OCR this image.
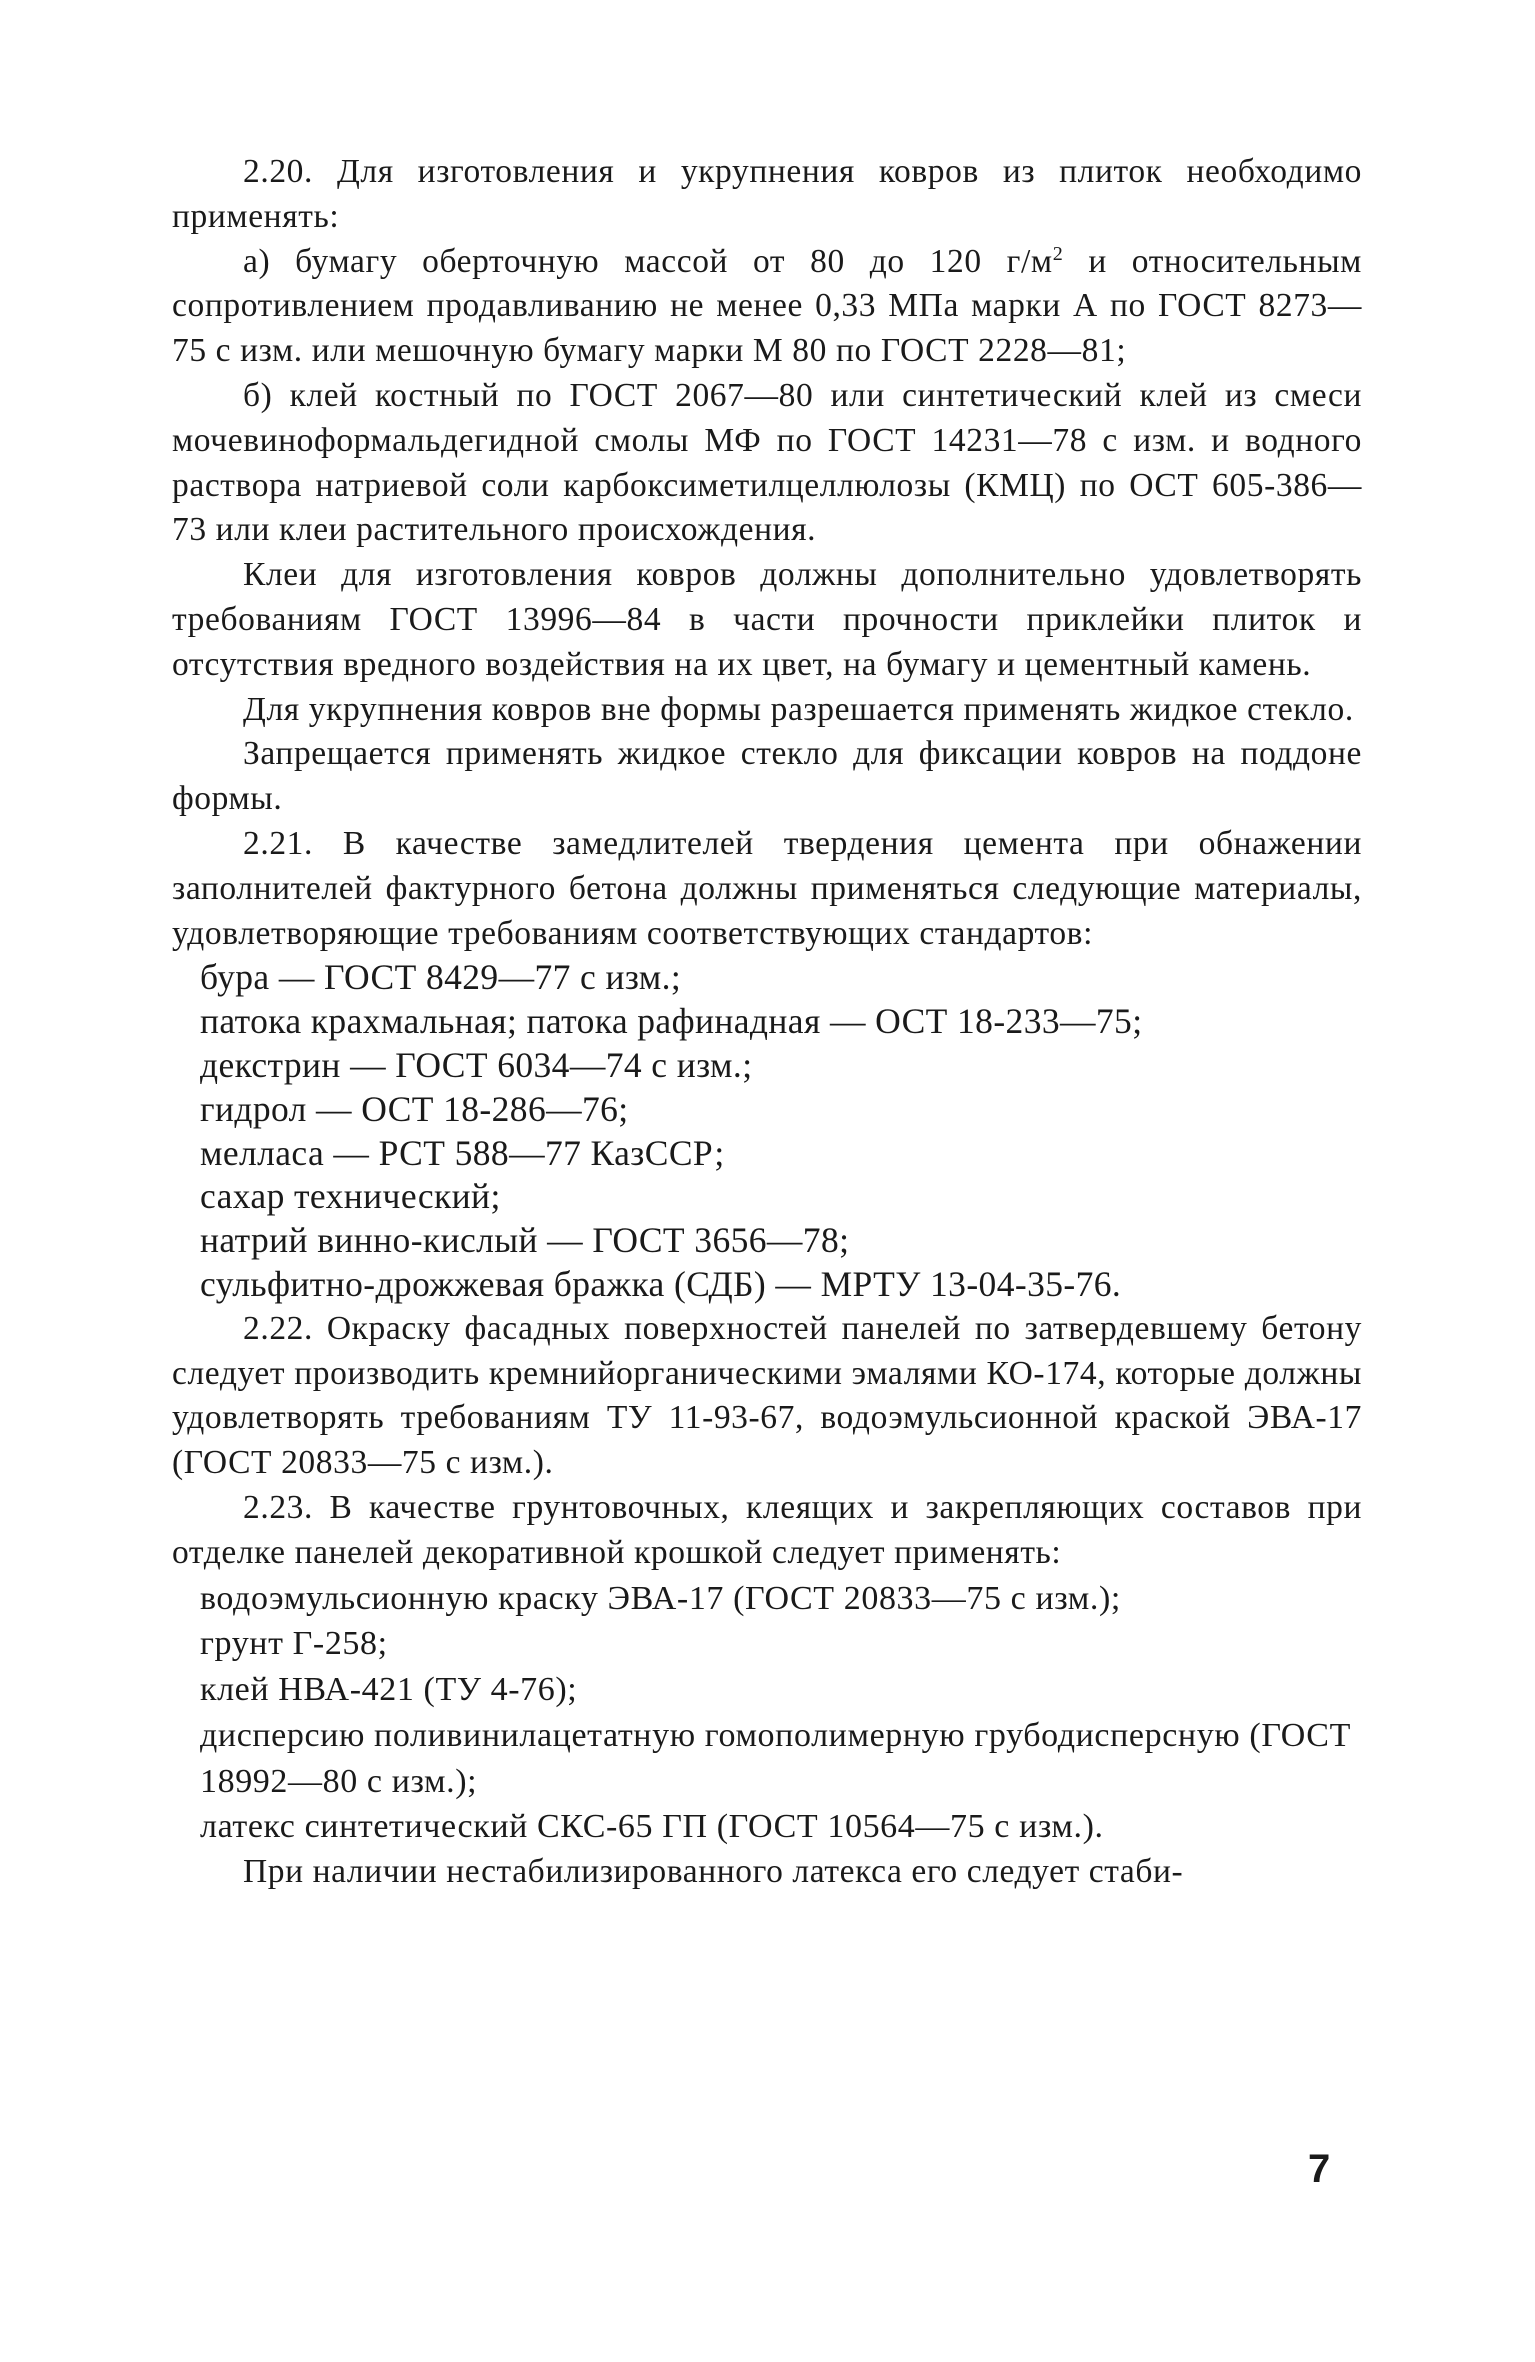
2.20. Для изготовления и укрупнения ковров из плиток необходимо применять:

а) бумагу оберточную массой от 80 до 120 $г/м^2$ и относительным сопротивлением продавливанию не менее 0,33 МПа марки А по ГОСТ 8273—75 с изм. или мешочную бумагу марки М 80 по ГОСТ 2228—81;

б) клей костный по ГОСТ 2067—80 или синтетический клей из смеси мочевиноформальдегидной смолы МФ по ГОСТ 14231—78 с изм. и водного раствора натриевой соли карбоксиметилцеллюлозы (КМЦ) по ОСТ 605-386—73 или клеи растительного происхождения.

Клеи для изготовления ковров должны дополнительно удовлетворять требованиям ГОСТ 13996—84 в части прочности приклейки плиток и отсутствия вредного воздействия на их цвет, на бумагу и цементный камень.

Для укрупнения ковров вне формы разрешается применять жидкое стекло.

Запрещается применять жидкое стекло для фиксации ковров на поддоне формы.

2.21. В качестве замедлителей твердения цемента при обнажении заполнителей фактурного бетона должны применяться следующие материалы, удовлетворяющие требованиям соответствующих стандартов:

бура — ГОСТ 8429—77 с изм.;

патока крахмальная; патока рафинадная — ОСТ 18-233—75;

декстрин — ГОСТ 6034—74 с изм.;

гидрол — ОСТ 18-286—76;

мелласа — РСТ 588—77 КазССР;

сахар технический;

натрий винно-кислый — ГОСТ 3656—78;

сульфитно-дрожжевая бражка (СДБ) — МРТУ 13-04-35-76.

2.22. Окраску фасадных поверхностей панелей по затвердевшему бетону следует производить кремнийорганическими эмалями КО-174, которые должны удовлетворять требованиям ТУ 11-93-67, водоэмульсионной краской ЭВА-17 (ГОСТ 20833—75 с изм.).

2.23. В качестве грунтовочных, клеящих и закрепляющих составов при отделке панелей декоративной крошкой следует применять:

водоэмульсионную краску ЭВА-17 (ГОСТ 20833—75 с изм.);

грунт Г-258;

клей НВА-421 (ТУ 4-76);

дисперсию поливинилацетатную гомополимерную грубодисперсную (ГОСТ 18992—80 с изм.);

латекс синтетический СКС-65 ГП (ГОСТ 10564—75 с изм.).

При наличии нестабилизированного латекса его следует стаби-

7
